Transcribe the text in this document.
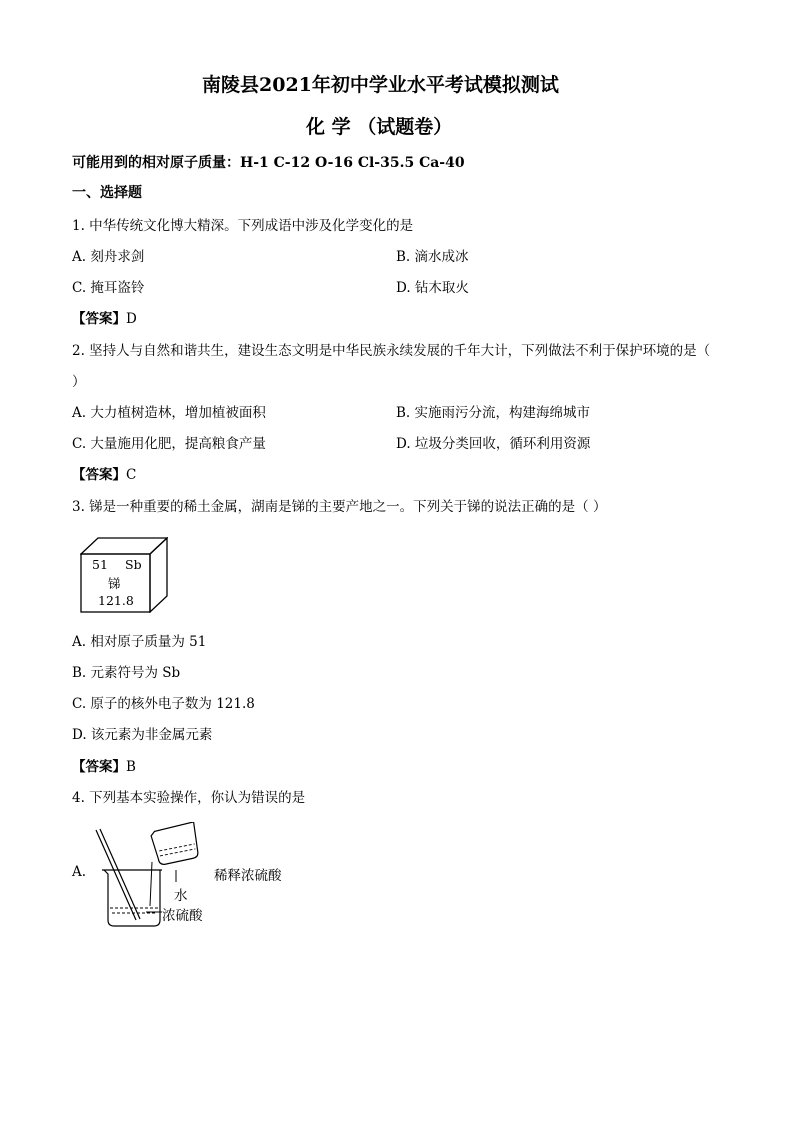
南陵县2021年初中学业水平考试模拟测试
化 学 （试题卷）
可能用到的相对原子质量：H-1 C-12 O-16 Cl-35.5 Ca-40
一、选择题
1. 中华传统文化博大精深。下列成语中涉及化学变化的是
A. 刻舟求剑	B. 滴水成冰
C. 掩耳盗铃	D. 钻木取火
【答案】D
2. 坚持人与自然和谐共生，建设生态文明是中华民族永续发展的千年大计，下列做法不利于保护环境的是（
）
A. 大力植树造林，增加植被面积	B. 实施雨污分流，构建海绵城市
C. 大量施用化肥，提高粮食产量	D. 垃圾分类回收，循环利用资源
【答案】C
3. 锑是一种重要的稀土金属，湖南是锑的主要产地之一。下列关于锑的说法正确的是（ ）
51 Sb
锑
121.8
A. 相对原子质量为 51
B. 元素符号为 Sb
C. 原子的核外电子数为 121.8
D. 该元素为非金属元素
【答案】B
4. 下列基本实验操作，你认为错误的是
A.	稀释浓硫酸
水
浓硫酸
